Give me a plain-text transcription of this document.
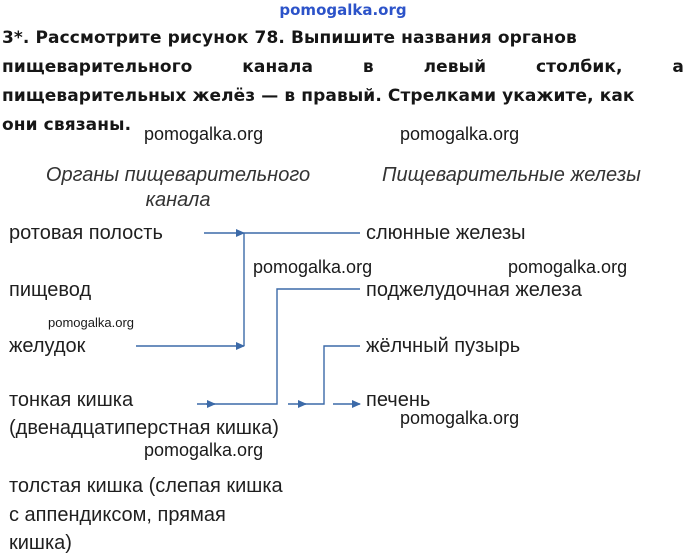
pomogalka.org
3*. Рассмотрите рисунок 78. Выпишите названия органов
пищеварительного канала в левый столбик, а
пищеварительных желёз — в правый. Стрелками укажите, как
они связаны. pomogalka.org	pomogalka.org
Органы пищеварительного
канала
Пищеварительные железы
ротовая полость
пищевод
желудок
тонкая кишка
(двенадцатиперстная кишка)
толстая кишка (слепая кишка
с аппендиксом, прямая
кишка)
слюнные железы
поджелудочная железа
жёлчный пузырь
печень
pomogalka.org	pomogalka.org
pomogalka.org
pomogalka.org
pomogalka.org
